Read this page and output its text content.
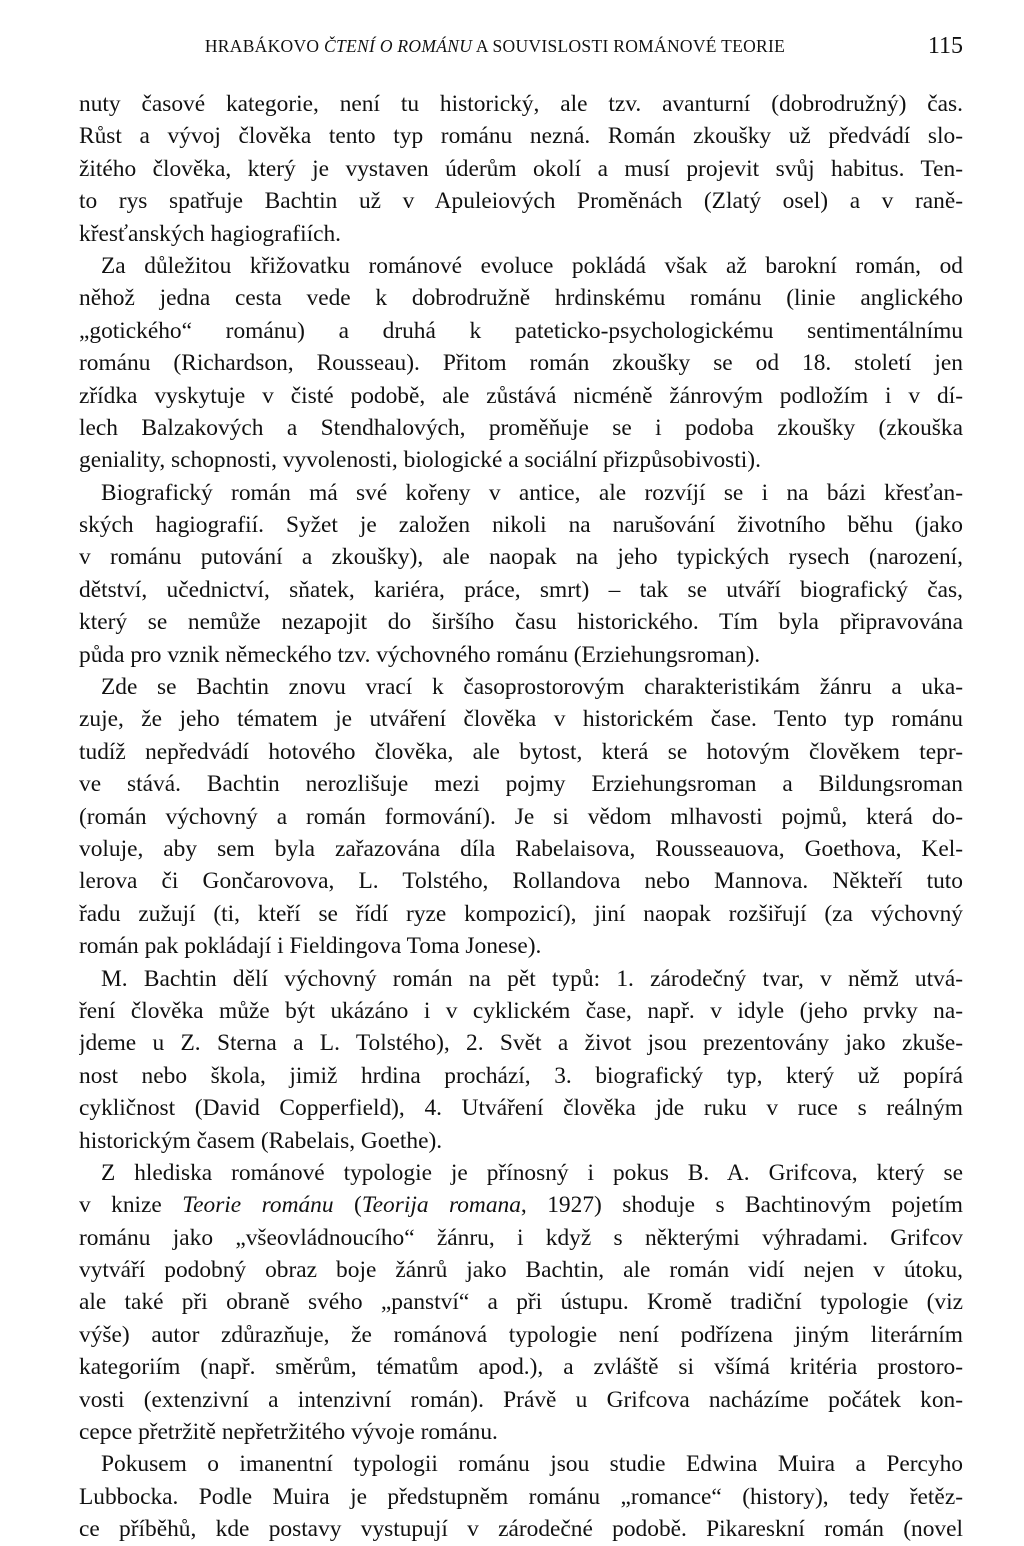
HRABÁKOVO ČTENÍ O ROMÁNU A SOUVISLOSTI ROMÁNOVÉ TEORIE	115
nuty časové kategorie, není tu historický, ale tzv. avanturní (dobrodružný) čas.
Růst a vývoj člověka tento typ románu nezná. Román zkoušky už předvádí slo-
žitého člověka, který je vystaven úderům okolí a musí projevit svůj habitus. Ten-
to rys spatřuje Bachtin už v Apuleiových Proměnách (Zlatý osel) a v raně-
křesťanských hagiografiích.
Za důležitou křižovatku románové evoluce pokládá však až barokní román, od
něhož jedna cesta vede k dobrodružně hrdinskému románu (linie anglického
„gotického“ románu) a druhá k pateticko-psychologickému sentimentálnímu
románu (Richardson, Rousseau). Přitom román zkoušky se od 18. století jen
zřídka vyskytuje v čisté podobě, ale zůstává nicméně žánrovým podložím i v dí-
lech Balzakových a Stendhalových, proměňuje se i podoba zkoušky (zkouška
geniality, schopnosti, vyvolenosti, biologické a sociální přizpůsobivosti).
Biografický román má své kořeny v antice, ale rozvíjí se i na bázi křesťan-
ských hagiografií. Syžet je založen nikoli na narušování životního běhu (jako
v románu putování a zkoušky), ale naopak na jeho typických rysech (narození,
dětství, učednictví, sňatek, kariéra, práce, smrt) – tak se utváří biografický čas,
který se nemůže nezapojit do širšího času historického. Tím byla připravována
půda pro vznik německého tzv. výchovného románu (Erziehungsroman).
Zde se Bachtin znovu vrací k časoprostorovým charakteristikám žánru a uka-
zuje, že jeho tématem je utváření člověka v historickém čase. Tento typ románu
tudíž nepředvádí hotového člověka, ale bytost, která se hotovým člověkem tepr-
ve stává. Bachtin nerozlišuje mezi pojmy Erziehungsroman a Bildungsroman
(román výchovný a román formování). Je si vědom mlhavosti pojmů, která do-
voluje, aby sem byla zařazována díla Rabelaisova, Rousseauova, Goethova, Kel-
lerova či Gončarovova, L. Tolstého, Rollandova nebo Mannova. Někteří tuto
řadu zužují (ti, kteří se řídí ryze kompozicí), jiní naopak rozšiřují (za výchovný
román pak pokládají i Fieldingova Toma Jonese).
M. Bachtin dělí výchovný román na pět typů: 1. zárodečný tvar, v němž utvá-
ření člověka může být ukázáno i v cyklickém čase, např. v idyle (jeho prvky na-
jdeme u Z. Sterna a L. Tolstého), 2. Svět a život jsou prezentovány jako zkuše-
nost nebo škola, jimiž hrdina prochází, 3. biografický typ, který už popírá
cykličnost (David Copperfield), 4. Utváření člověka jde ruku v ruce s reálným
historickým časem (Rabelais, Goethe).
Z hlediska románové typologie je přínosný i pokus B. A. Grifcova, který se
v knize Teorie románu (Teorija romana, 1927) shoduje s Bachtinovým pojetím
románu jako „všeovládnoucího“ žánru, i když s některými výhradami. Grifcov
vytváří podobný obraz boje žánrů jako Bachtin, ale román vidí nejen v útoku,
ale také při obraně svého „panství“ a při ústupu. Kromě tradiční typologie (viz
výše) autor zdůrazňuje, že románová typologie není podřízena jiným literárním
kategoriím (např. směrům, tématům apod.), a zvláště si všímá kritéria prostoro-
vosti (extenzivní a intenzivní román). Právě u Grifcova nacházíme počátek kon-
cepce přetržitě nepřetržitého vývoje románu.
Pokusem o imanentní typologii románu jsou studie Edwina Muira a Percyho
Lubbocka. Podle Muira je předstupněm románu „romance“ (history), tedy řetěz-
ce příběhů, kde postavy vystupují v zárodečné podobě. Pikareskní román (novel
